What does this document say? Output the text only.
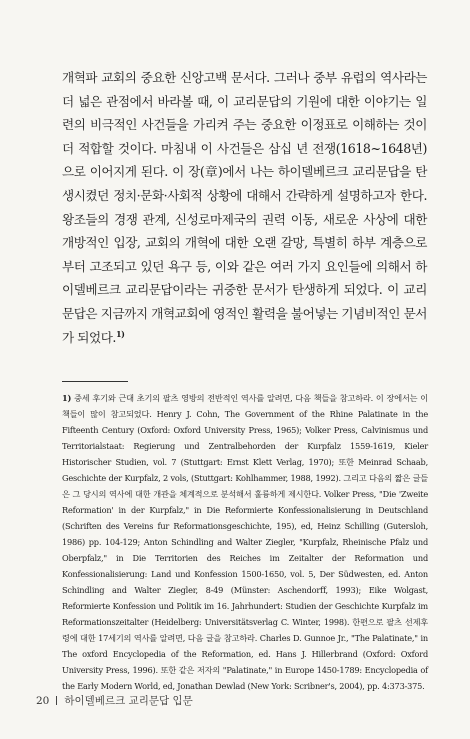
개혁파 교회의 중요한 신앙고백 문서다. 그러나 중부 유럽의 역사라는 더 넓은 관점에서 바라볼 때, 이 교리문답의 기원에 대한 이야기는 일련의 비극적인 사건들을 가리켜 주는 중요한 이정표로 이해하는 것이 더 적합할 것이다. 마침내 이 사건들은 삼십 년 전쟁(1618~1648년)으로 이어지게 된다. 이 장(章)에서 나는 하이델베르크 교리문답을 탄생시켰던 정치·문화·사회적 상황에 대해서 간략하게 설명하고자 한다. 왕조들의 경쟁 관계, 신성로마제국의 권력 이동, 새로운 사상에 대한 개방적인 입장, 교회의 개혁에 대한 오랜 갈망, 특별히 하부 계층으로부터 고조되고 있던 욕구 등, 이와 같은 여러 가지 요인들에 의해서 하이델베르크 교리문답이라는 귀중한 문서가 탄생하게 되었다. 이 교리문답은 지금까지 개혁교회에 영적인 활력을 불어넣는 기념비적인 문서가 되었다.$^{1)}$

1) 중세 후기와 근대 초기의 팔츠 영방의 전반적인 역사를 알려면, 다음 책들을 참고하라. 이 장에서는 이 책들이 많이 참고되었다. Henry J. Cohn, The Government of the Rhine Palatinate in the Fifteenth Century (Oxford: Oxford University Press, 1965); Volker Press, Calvinismus und Territorialstaat: Regierung und Zentralbehorden der Kurpfalz 1559-1619, Kieler Historischer Studien, vol. 7 (Stuttgart: Ernst Klett Verlag, 1970); 또한 Meinrad Schaab, Geschichte der Kurpfalz, 2 vols, (Stuttgart: Kohlhammer, 1988, 1992). 그리고 다음의 짧은 글들은 그 당시의 역사에 대한 개관을 체계적으로 분석해서 훌륭하게 제시한다. Volker Press, "Die 'Zweite Reformation' in der Kurpfalz," in Die Reformierte Konfessionalisierung in Deutschland (Schriften des Vereins fur Reformationsgeschichte, 195), ed, Heinz Schilling (Gutersloh, 1986) pp. 104-129; Anton Schindling and Walter Ziegler, "Kurpfalz, Rheinische Pfalz und Oberpfalz," in Die Territorien des Reiches im Zeitalter der Reformation und Konfessionalisierung: Land und Konfession 1500-1650, vol. 5, Der Südwesten, ed. Anton Schindling and Walter Ziegler, 8-49 (Münster: Aschendorff, 1993); Eike Wolgast, Reformierte Konfession und Politik im 16. Jahrhundert: Studien der Geschichte Kurpfalz im Reformationszeitalter (Heidelberg: Universitätsverlag C. Winter, 1998). 한편으로 팔츠 선제후령에 대한 17세기의 역사를 알려면, 다음 글을 참고하라. Charles D. Gunnoe Jr., "The Palatinate," in The oxford Encyclopedia of the Reformation, ed. Hans J. Hillerbrand (Oxford: Oxford University Press, 1996). 또한 같은 저자의 "Palatinate," in Europe 1450-1789: Encyclopedia of the Early Modern World, ed, Jonathan Dewlad (New York: Scribner's, 2004), pp. 4:373-375.

20 하이델베르크 교리문답 입문
